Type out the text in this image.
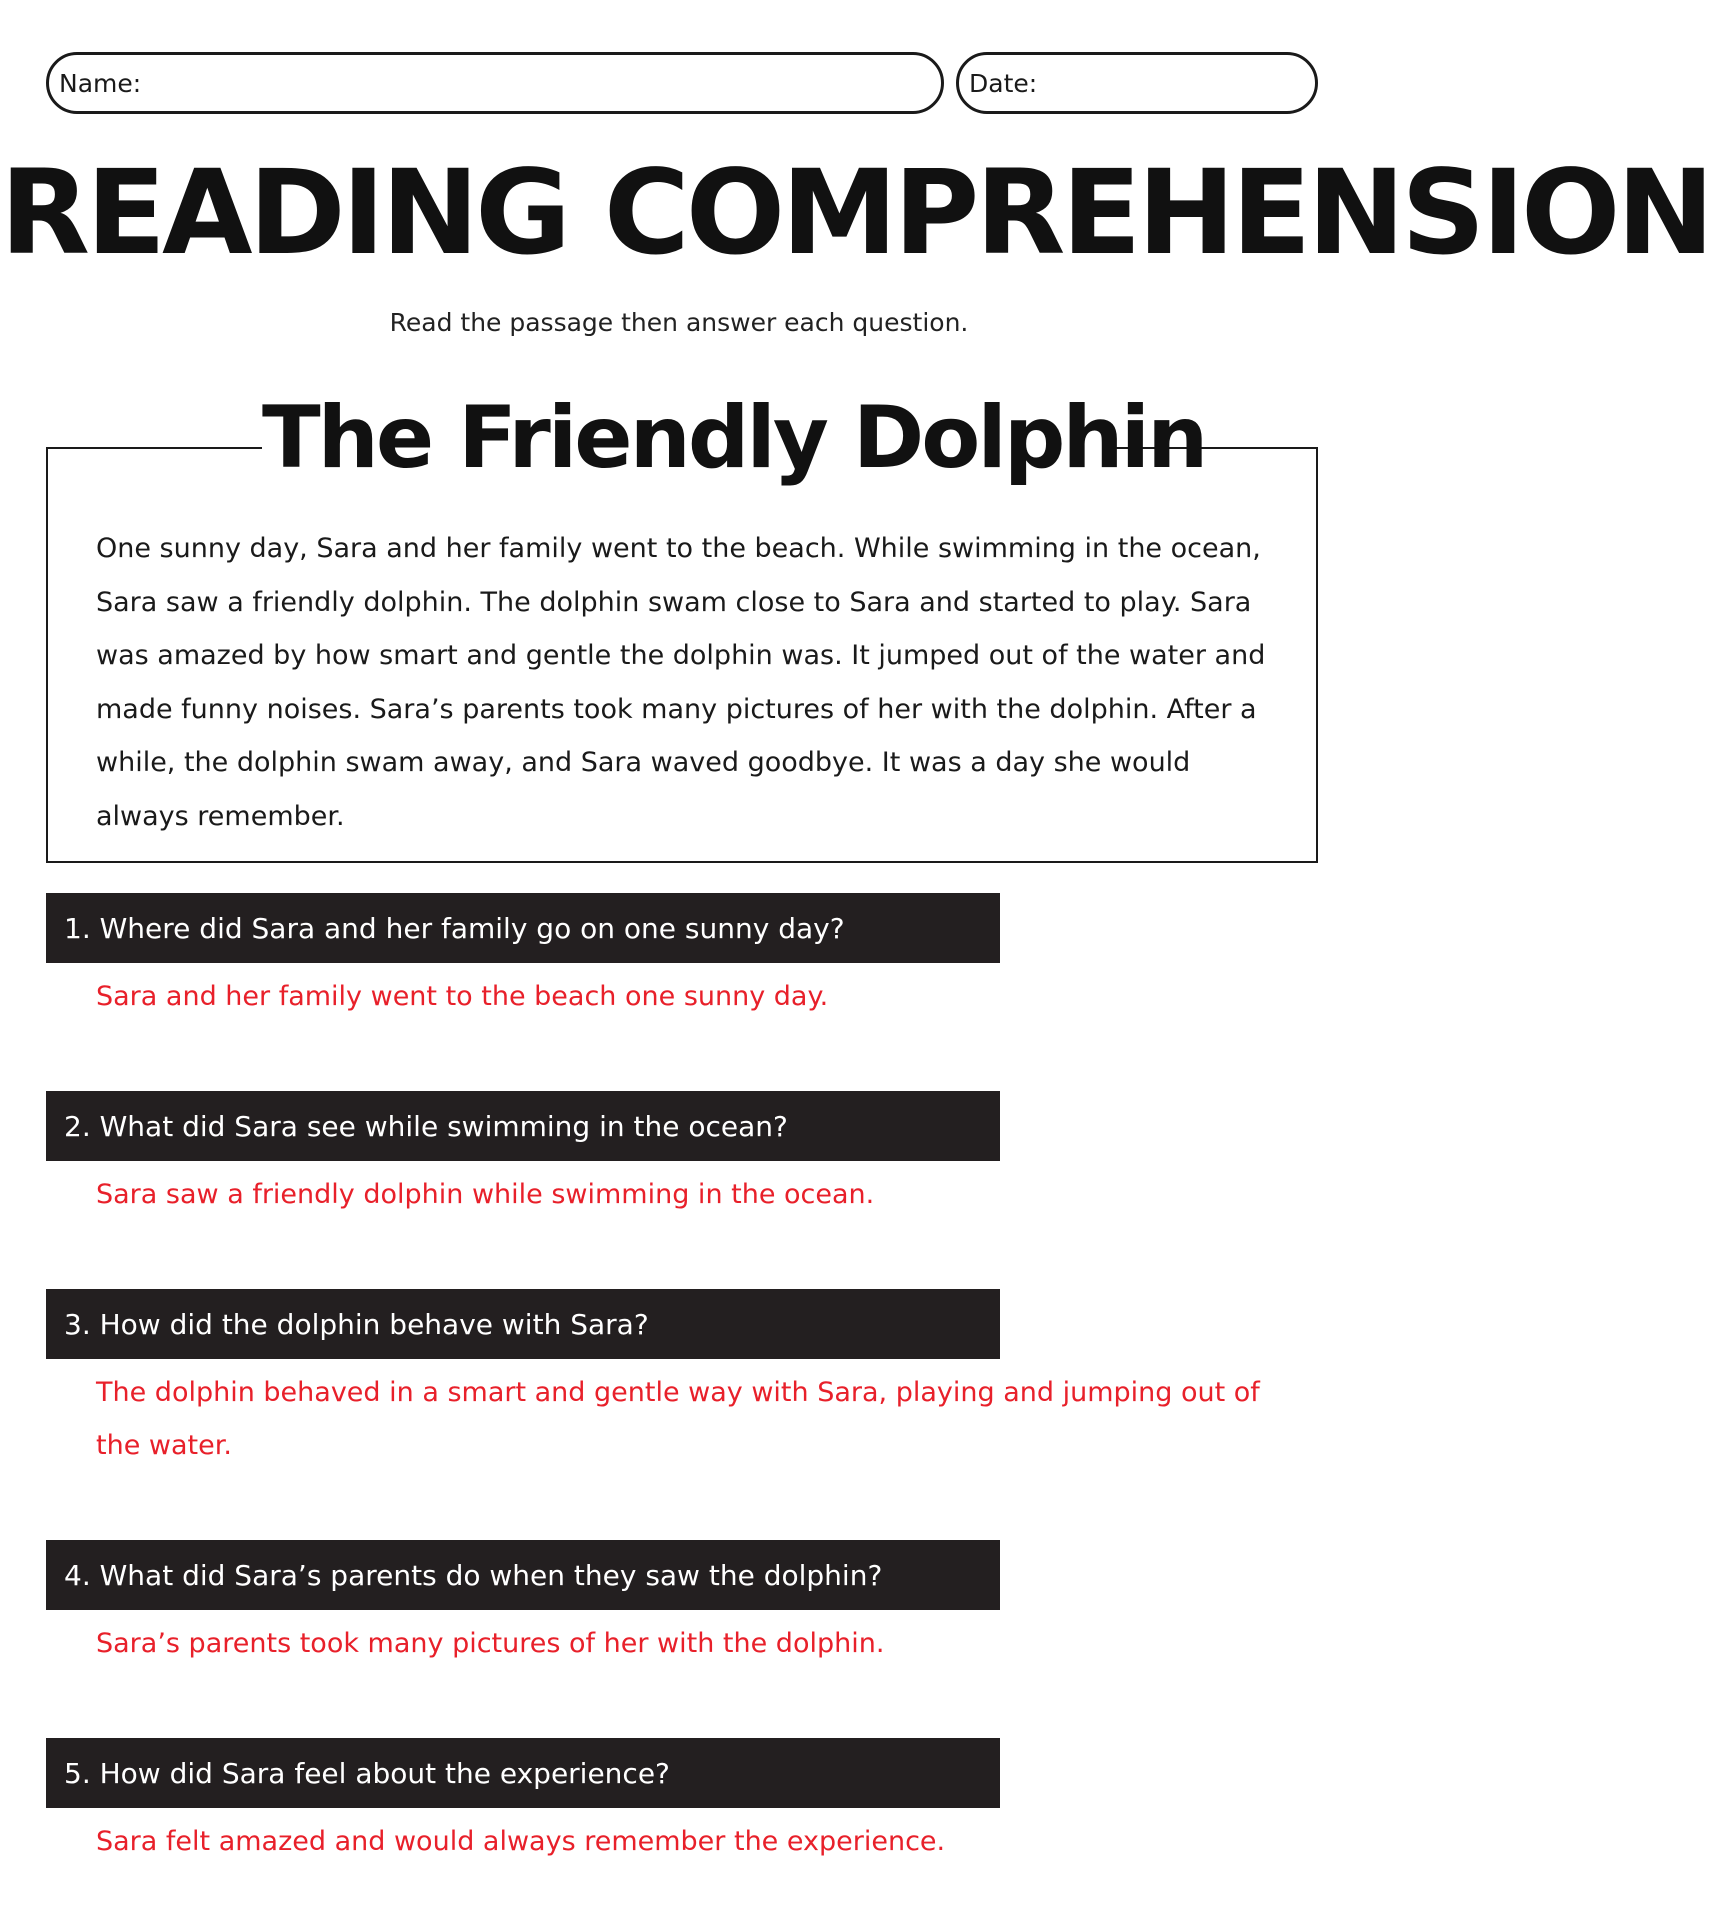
Name:	Date:
READING COMPREHENSION
Read the passage then answer each question.
The Friendly Dolphin

One sunny day, Sara and her family went to the beach. While swimming in the ocean, Sara saw a friendly dolphin. The dolphin swam close to Sara and started to play. Sara was amazed by how smart and gentle the dolphin was. It jumped out of the water and made funny noises. Sara’s parents took many pictures of her with the dolphin. After a while, the dolphin swam away, and Sara waved goodbye. It was a day she would always remember.

1. Where did Sara and her family go on one sunny day?

Sara and her family went to the beach one sunny day.

2. What did Sara see while swimming in the ocean?

Sara saw a friendly dolphin while swimming in the ocean.

3. How did the dolphin behave with Sara?

The dolphin behaved in a smart and gentle way with Sara, playing and jumping out of the water.

4. What did Sara’s parents do when they saw the dolphin?

Sara’s parents took many pictures of her with the dolphin.

5. How did Sara feel about the experience?

Sara felt amazed and would always remember the experience.
